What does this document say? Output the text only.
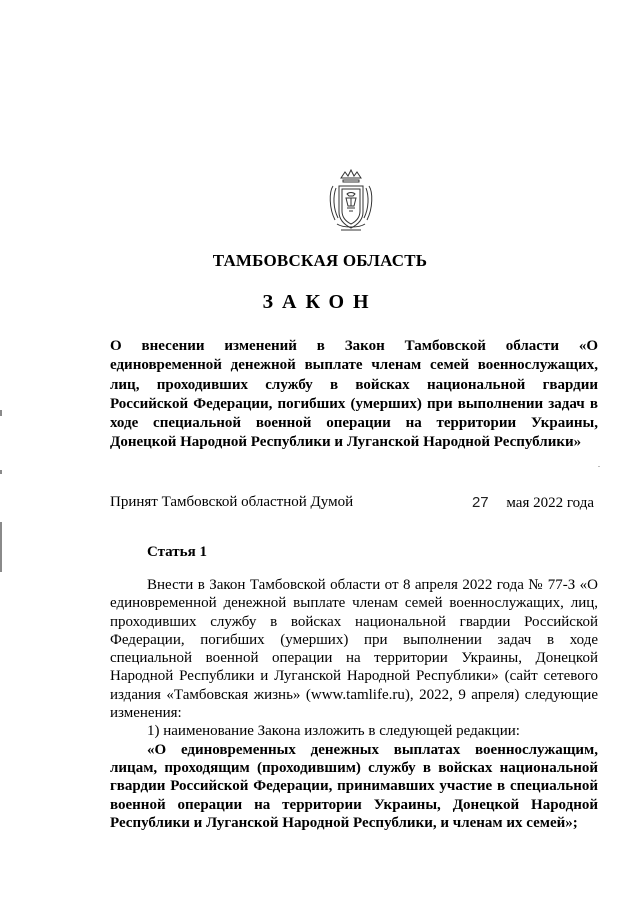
ТАМБОВСКАЯ ОБЛАСТЬ
ЗАКОН
О внесении изменений в Закон Тамбовской области «О единовременной денежной выплате членам семей военнослужащих, лиц, проходивших службу в войсках национальной гвардии Российской Федерации, погибших (умерших) при выполнении задач в ходе специальной военной операции на территории Украины, Донецкой Народной Республики и Луганской Народной Республики»
Принят Тамбовской областной Думой	27 мая 2022 года
Статья 1

Внести в Закон Тамбовской области от 8 апреля 2022 года № 77-З «О единовременной денежной выплате членам семей военнослужащих, лиц, проходивших службу в войсках национальной гвардии Российской Федерации, погибших (умерших) при выполнении задач в ходе специальной военной операции на территории Украины, Донецкой Народной Республики и Луганской Народной Республики» (сайт сетевого издания «Тамбовская жизнь» (www.tamlife.ru), 2022, 9 апреля) следующие изменения:

1) наименование Закона изложить в следующей редакции:

«О единовременных денежных выплатах военнослужащим, лицам, проходящим (проходившим) службу в войсках национальной гвардии Российской Федерации, принимавших участие в специальной военной операции на территории Украины, Донецкой Народной Республики и Луганской Народной Республики, и членам их семей»;
